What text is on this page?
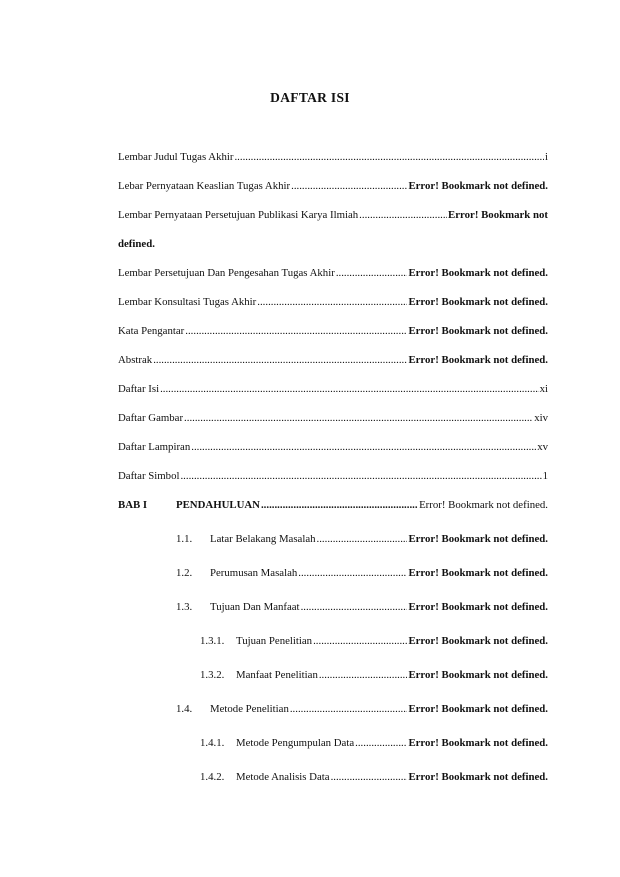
DAFTAR ISI
Lembar Judul Tugas Akhir .....	i
Lebar Pernyataan Keaslian Tugas Akhir .....	Error! Bookmark not defined.
Lembar Pernyataan Persetujuan Publikasi Karya Ilmiah .....	Error! Bookmark not
defined.
Lembar Persetujuan Dan Pengesahan Tugas Akhir .....	Error! Bookmark not defined.
Lembar Konsultasi Tugas Akhir .....	Error! Bookmark not defined.
Kata Pengantar .....	Error! Bookmark not defined.
Abstrak .....	Error! Bookmark not defined.
Daftar Isi .....	xi
Daftar Gambar .....	xiv
Daftar Lampiran .....	xv
Daftar Simbol .....	1
BAB I	PENDAHULUAN .....	Error! Bookmark not defined.
1.1.	Latar Belakang Masalah .....	Error! Bookmark not defined.
1.2.	Perumusan Masalah .....	Error! Bookmark not defined.
1.3.	Tujuan Dan Manfaat .....	Error! Bookmark not defined.
1.3.1.	Tujuan Penelitian .....	Error! Bookmark not defined.
1.3.2.	Manfaat Penelitian .....	Error! Bookmark not defined.
1.4.	Metode Penelitian .....	Error! Bookmark not defined.
1.4.1.	Metode Pengumpulan Data .....	Error! Bookmark not defined.
1.4.2.	Metode Analisis Data .....	Error! Bookmark not defined.
